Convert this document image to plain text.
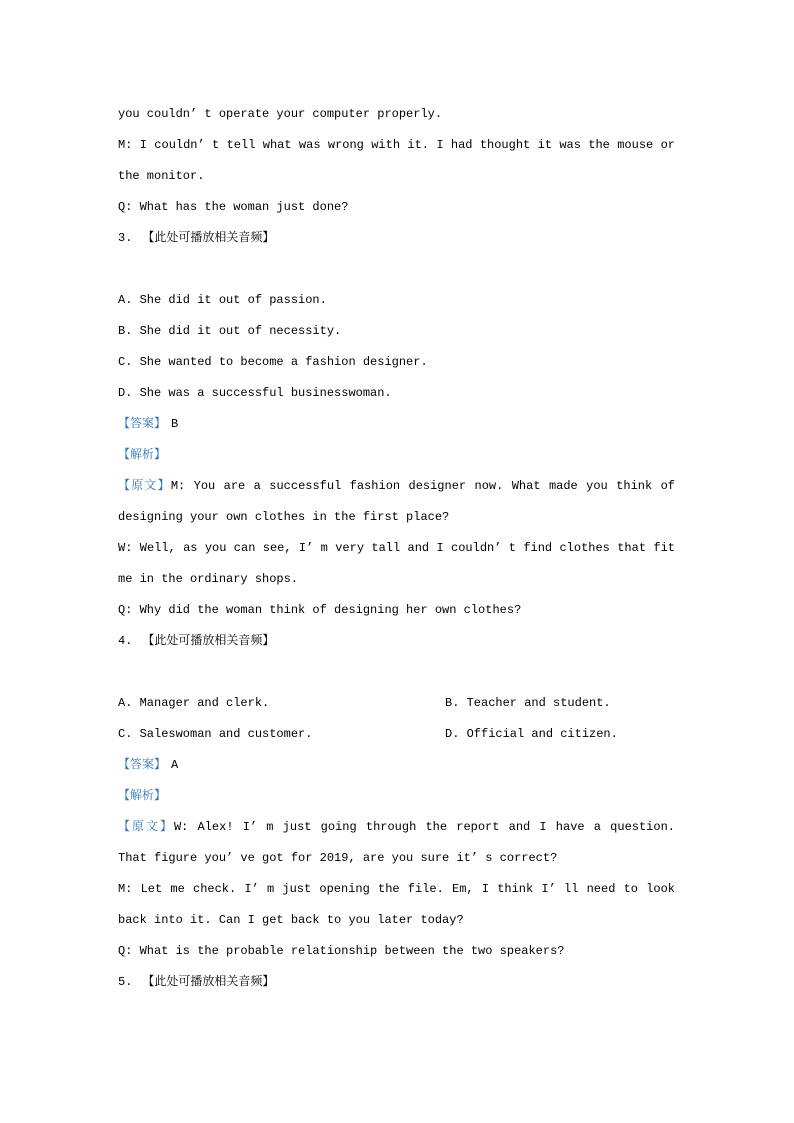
you couldn’ t operate your computer properly.

M: I couldn’ t tell what was wrong with it. I had thought it was the mouse or the monitor.

Q: What has the woman just done?

3. 【此处可播放相关音频】

A. She did it out of passion.

B. She did it out of necessity.

C. She wanted to become a fashion designer.

D. She was a successful businesswoman.

【答案】 B

【解析】

【原文】M: You are a successful fashion designer now. What made you think of designing your own clothes in the first place?

W: Well, as you can see, I’ m very tall and I couldn’ t find clothes that fit me in the ordinary shops.

Q: Why did the woman think of designing her own clothes?

4. 【此处可播放相关音频】

A. Manager and clerk.	B. Teacher and student.

C. Saleswoman and customer.	D. Official and citizen.

【答案】 A

【解析】

【原文】W: Alex! I’ m just going through the report and I have a question. That figure you’ ve got for 2019, are you sure it’ s correct?

M: Let me check. I’ m just opening the file. Em, I think I’ ll need to look back into it. Can I get back to you later today?

Q: What is the probable relationship between the two speakers?

5. 【此处可播放相关音频】
